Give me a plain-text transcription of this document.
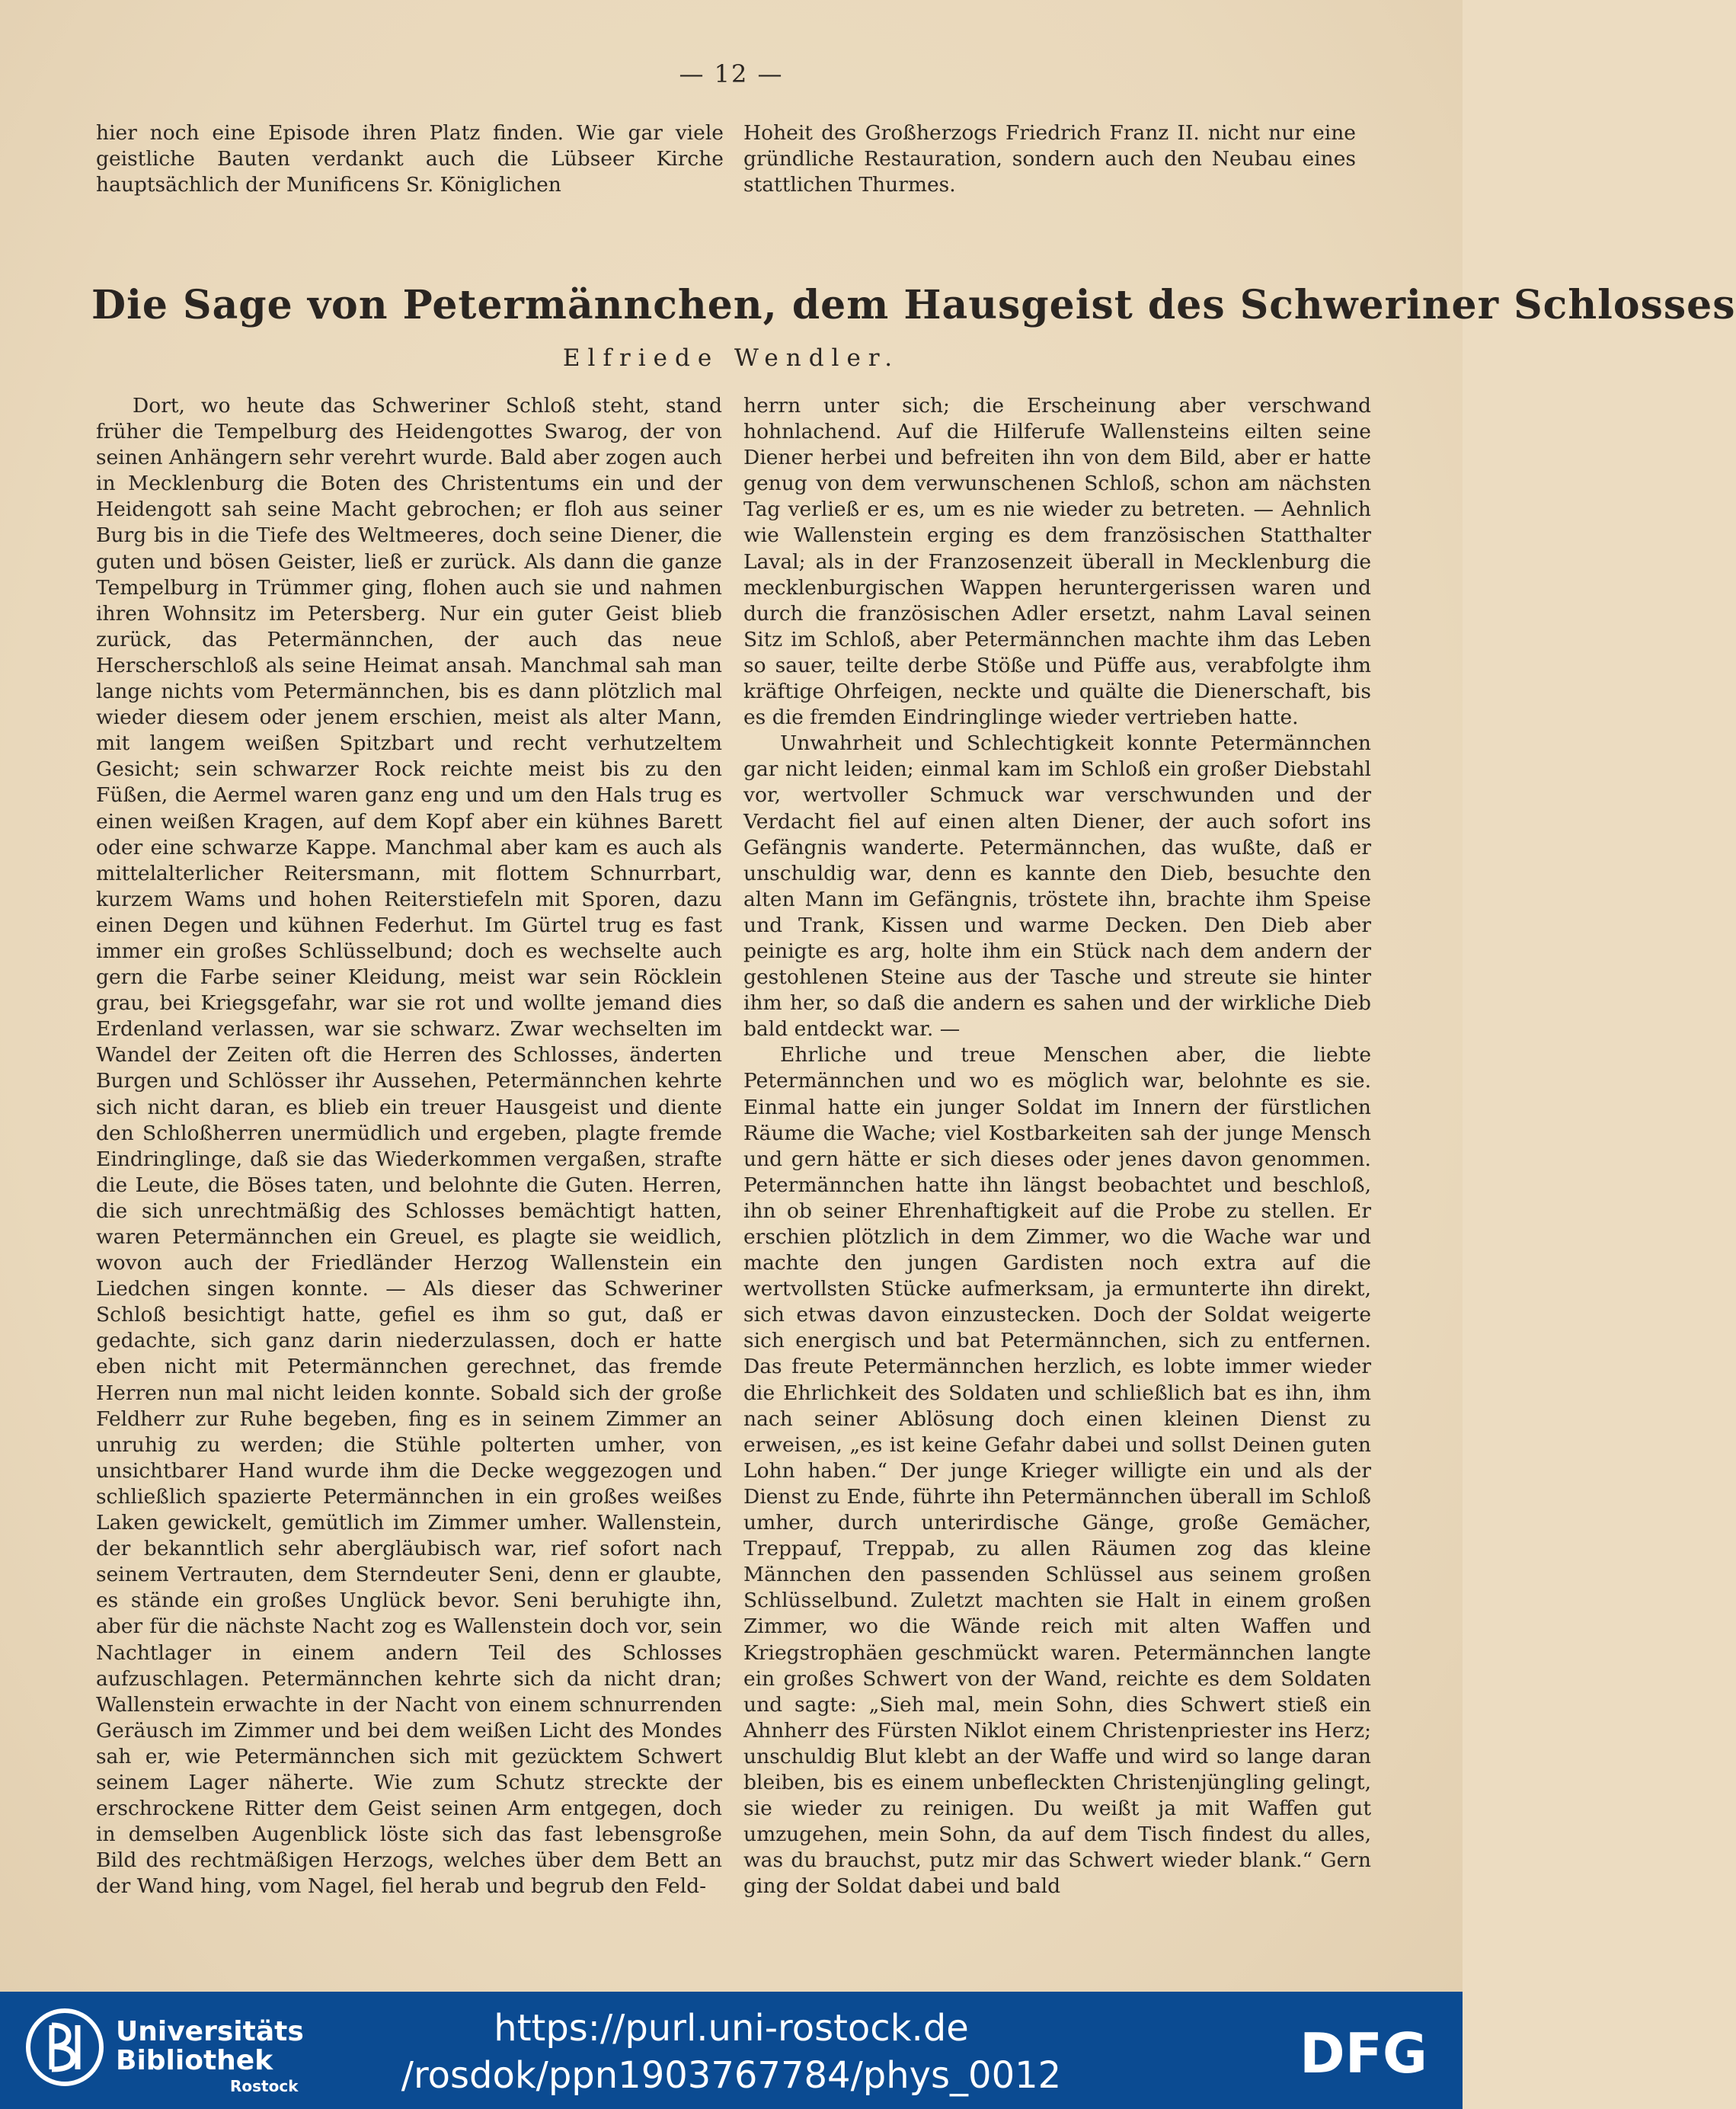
— 12 —

hier noch eine Episode ihren Platz finden. Wie gar viele geistliche Bauten verdankt auch die Lübseer Kirche hauptsächlich der Munificens Sr. Königlichen

Hoheit des Großherzogs Friedrich Franz II. nicht nur eine gründliche Restauration, sondern auch den Neubau eines stattlichen Thurmes.

Die Sage von Petermännchen, dem Hausgeist des Schweriner Schlosses
Elfriede Wendler.

Dort, wo heute das Schweriner Schloß steht, stand früher die Tempelburg des Heidengottes Swarog, der von seinen Anhängern sehr verehrt wurde. Bald aber zogen auch in Mecklenburg die Boten des Christentums ein und der Heidengott sah seine Macht gebrochen; er floh aus seiner Burg bis in die Tiefe des Weltmeeres, doch seine Diener, die guten und bösen Geister, ließ er zurück. Als dann die ganze Tempelburg in Trümmer ging, flohen auch sie und nahmen ihren Wohnsitz im Petersberg. Nur ein guter Geist blieb zurück, das Petermännchen, der auch das neue Herscherschloß als seine Heimat ansah. Manchmal sah man lange nichts vom Petermännchen, bis es dann plötzlich mal wieder diesem oder jenem erschien, meist als alter Mann, mit langem weißen Spitzbart und recht verhutzeltem Gesicht; sein schwarzer Rock reichte meist bis zu den Füßen, die Aermel waren ganz eng und um den Hals trug es einen weißen Kragen, auf dem Kopf aber ein kühnes Barett oder eine schwarze Kappe. Manchmal aber kam es auch als mittelalterlicher Reitersmann, mit flottem Schnurrbart, kurzem Wams und hohen Reiterstiefeln mit Sporen, dazu einen Degen und kühnen Federhut. Im Gürtel trug es fast immer ein großes Schlüsselbund; doch es wechselte auch gern die Farbe seiner Kleidung, meist war sein Röcklein grau, bei Kriegsgefahr, war sie rot und wollte jemand dies Erdenland verlassen, war sie schwarz. Zwar wechselten im Wandel der Zeiten oft die Herren des Schlosses, änderten Burgen und Schlösser ihr Aussehen, Petermännchen kehrte sich nicht daran, es blieb ein treuer Hausgeist und diente den Schloßherren unermüdlich und ergeben, plagte fremde Eindringlinge, daß sie das Wiederkommen vergaßen, strafte die Leute, die Böses taten, und belohnte die Guten. Herren, die sich unrechtmäßig des Schlosses bemächtigt hatten, waren Petermännchen ein Greuel, es plagte sie weidlich, wovon auch der Friedländer Herzog Wallenstein ein Liedchen singen konnte. — Als dieser das Schweriner Schloß besichtigt hatte, gefiel es ihm so gut, daß er gedachte, sich ganz darin niederzulassen, doch er hatte eben nicht mit Petermännchen gerechnet, das fremde Herren nun mal nicht leiden konnte. Sobald sich der große Feldherr zur Ruhe begeben, fing es in seinem Zimmer an unruhig zu werden; die Stühle polterten umher, von unsichtbarer Hand wurde ihm die Decke weggezogen und schließlich spazierte Petermännchen in ein großes weißes Laken gewickelt, gemütlich im Zimmer umher. Wallenstein, der bekanntlich sehr abergläubisch war, rief sofort nach seinem Vertrauten, dem Sterndeuter Seni, denn er glaubte, es stände ein großes Unglück bevor. Seni beruhigte ihn, aber für die nächste Nacht zog es Wallenstein doch vor, sein Nachtlager in einem andern Teil des Schlosses aufzuschlagen. Petermännchen kehrte sich da nicht dran; Wallenstein erwachte in der Nacht von einem schnurrenden Geräusch im Zimmer und bei dem weißen Licht des Mondes sah er, wie Petermännchen sich mit gezücktem Schwert seinem Lager näherte. Wie zum Schutz streckte der erschrockene Ritter dem Geist seinen Arm entgegen, doch in demselben Augenblick löste sich das fast lebensgroße Bild des rechtmäßigen Herzogs, welches über dem Bett an der Wand hing, vom Nagel, fiel herab und begrub den Feld-

herrn unter sich; die Erscheinung aber verschwand hohnlachend. Auf die Hilferufe Wallensteins eilten seine Diener herbei und befreiten ihn von dem Bild, aber er hatte genug von dem verwunschenen Schloß, schon am nächsten Tag verließ er es, um es nie wieder zu betreten. — Aehnlich wie Wallenstein erging es dem französischen Statthalter Laval; als in der Franzosenzeit überall in Mecklenburg die mecklenburgischen Wappen heruntergerissen waren und durch die französischen Adler ersetzt, nahm Laval seinen Sitz im Schloß, aber Petermännchen machte ihm das Leben so sauer, teilte derbe Stöße und Püffe aus, verabfolgte ihm kräftige Ohrfeigen, neckte und quälte die Dienerschaft, bis es die fremden Eindringlinge wieder vertrieben hatte.

Unwahrheit und Schlechtigkeit konnte Petermännchen gar nicht leiden; einmal kam im Schloß ein großer Diebstahl vor, wertvoller Schmuck war verschwunden und der Verdacht fiel auf einen alten Diener, der auch sofort ins Gefängnis wanderte. Petermännchen, das wußte, daß er unschuldig war, denn es kannte den Dieb, besuchte den alten Mann im Gefängnis, tröstete ihn, brachte ihm Speise und Trank, Kissen und warme Decken. Den Dieb aber peinigte es arg, holte ihm ein Stück nach dem andern der gestohlenen Steine aus der Tasche und streute sie hinter ihm her, so daß die andern es sahen und der wirkliche Dieb bald entdeckt war. —

Ehrliche und treue Menschen aber, die liebte Petermännchen und wo es möglich war, belohnte es sie. Einmal hatte ein junger Soldat im Innern der fürstlichen Räume die Wache; viel Kostbarkeiten sah der junge Mensch und gern hätte er sich dieses oder jenes davon genommen. Petermännchen hatte ihn längst beobachtet und beschloß, ihn ob seiner Ehrenhaftigkeit auf die Probe zu stellen. Er erschien plötzlich in dem Zimmer, wo die Wache war und machte den jungen Gardisten noch extra auf die wertvollsten Stücke aufmerksam, ja ermunterte ihn direkt, sich etwas davon einzustecken. Doch der Soldat weigerte sich energisch und bat Petermännchen, sich zu entfernen. Das freute Petermännchen herzlich, es lobte immer wieder die Ehrlichkeit des Soldaten und schließlich bat es ihn, ihm nach seiner Ablösung doch einen kleinen Dienst zu erweisen, „es ist keine Gefahr dabei und sollst Deinen guten Lohn haben.“ Der junge Krieger willigte ein und als der Dienst zu Ende, führte ihn Petermännchen überall im Schloß umher, durch unterirdische Gänge, große Gemächer, Treppauf, Treppab, zu allen Räumen zog das kleine Männchen den passenden Schlüssel aus seinem großen Schlüsselbund. Zuletzt machten sie Halt in einem großen Zimmer, wo die Wände reich mit alten Waffen und Kriegstrophäen geschmückt waren. Petermännchen langte ein großes Schwert von der Wand, reichte es dem Soldaten und sagte: „Sieh mal, mein Sohn, dies Schwert stieß ein Ahnherr des Fürsten Niklot einem Christenpriester ins Herz; unschuldig Blut klebt an der Waffe und wird so lange daran bleiben, bis es einem unbefleckten Christenjüngling gelingt, sie wieder zu reinigen. Du weißt ja mit Waffen gut umzugehen, mein Sohn, da auf dem Tisch findest du alles, was du brauchst, putz mir das Schwert wieder blank.“ Gern ging der Soldat dabei und bald

Universitäts
Bibliothek
Rostock
https://purl.uni-rostock.de
/rosdok/ppn1903767784/phys_0012	DFG
